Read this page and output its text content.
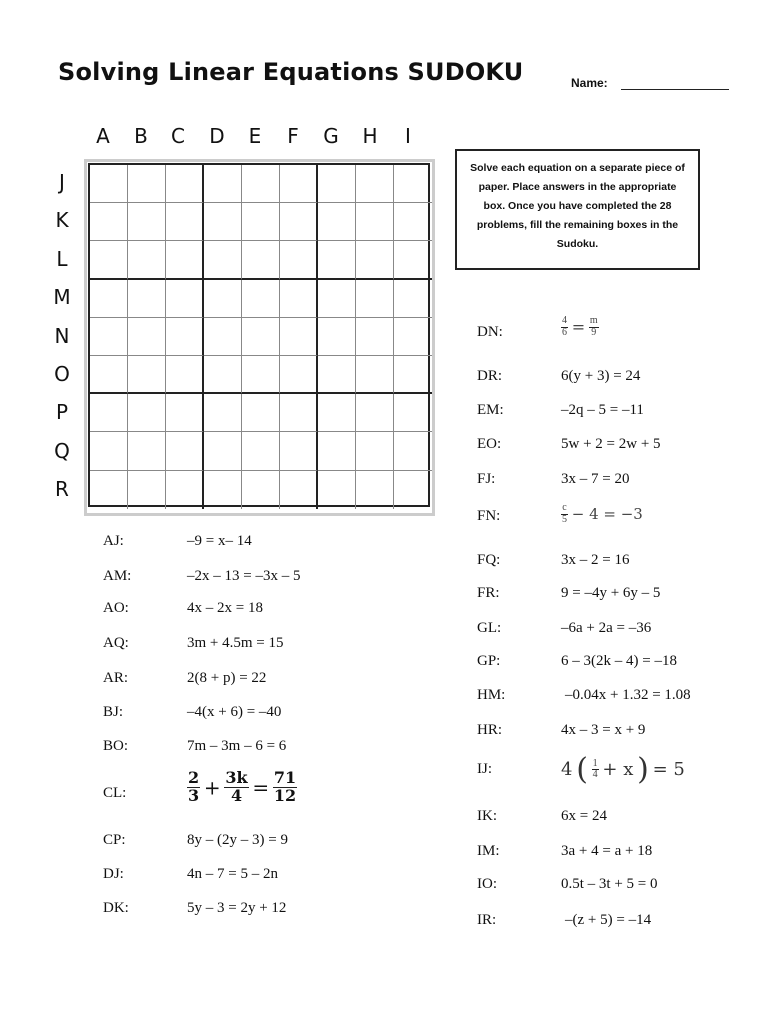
Solving Linear Equations SUDOKU	Name:
A	B	C	D	E	F	G	H	I
J
K
L
M
N
O
P
Q
R
Solve each equation on a separate piece of paper. Place answers in the appropriate box. Once you have completed the 28 problems, fill the remaining boxes in the Sudoku.
AJ:	–9 = x– 14
AM:	–2x – 13 = –3x – 5
AO:	4x – 2x = 18
AQ:	3m + 4.5m = 15
AR:	2(8 + p) = 22
BJ:	–4(x + 6) = –40
BO:	7m – 3m – 6 = 6
CL:	$\frac{2}{3} + \frac{3k}{4} = \frac{71}{12}$
CP:	8y – (2y – 3) = 9
DJ:	4n – 7 = 5 – 2n
DK:	5y – 3 = 2y + 12
DN:	$\frac{4}{6} = \frac{m}{9}$
DR:	6(y + 3) = 24
EM:	–2q – 5 = –11
EO:	5w + 2 = 2w + 5
FJ:	3x – 7 = 20
FN:	$\frac{c}{5} - 4 = -3$
FQ:	3x – 2 = 16
FR:	9 = –4y + 6y – 5
GL:	–6a + 2a = –36
GP:	6 – 3(2k – 4) = –18
HM:	–0.04x + 1.32 = 1.08
HR:	4x – 3 = x + 9
IJ:	4 ( $\frac{1}{4} + x$ ) = 5
IK:	6x = 24
IM:	3a + 4 = a + 18
IO:	0.5t – 3t + 5 = 0
IR:	–(z + 5) = –14
